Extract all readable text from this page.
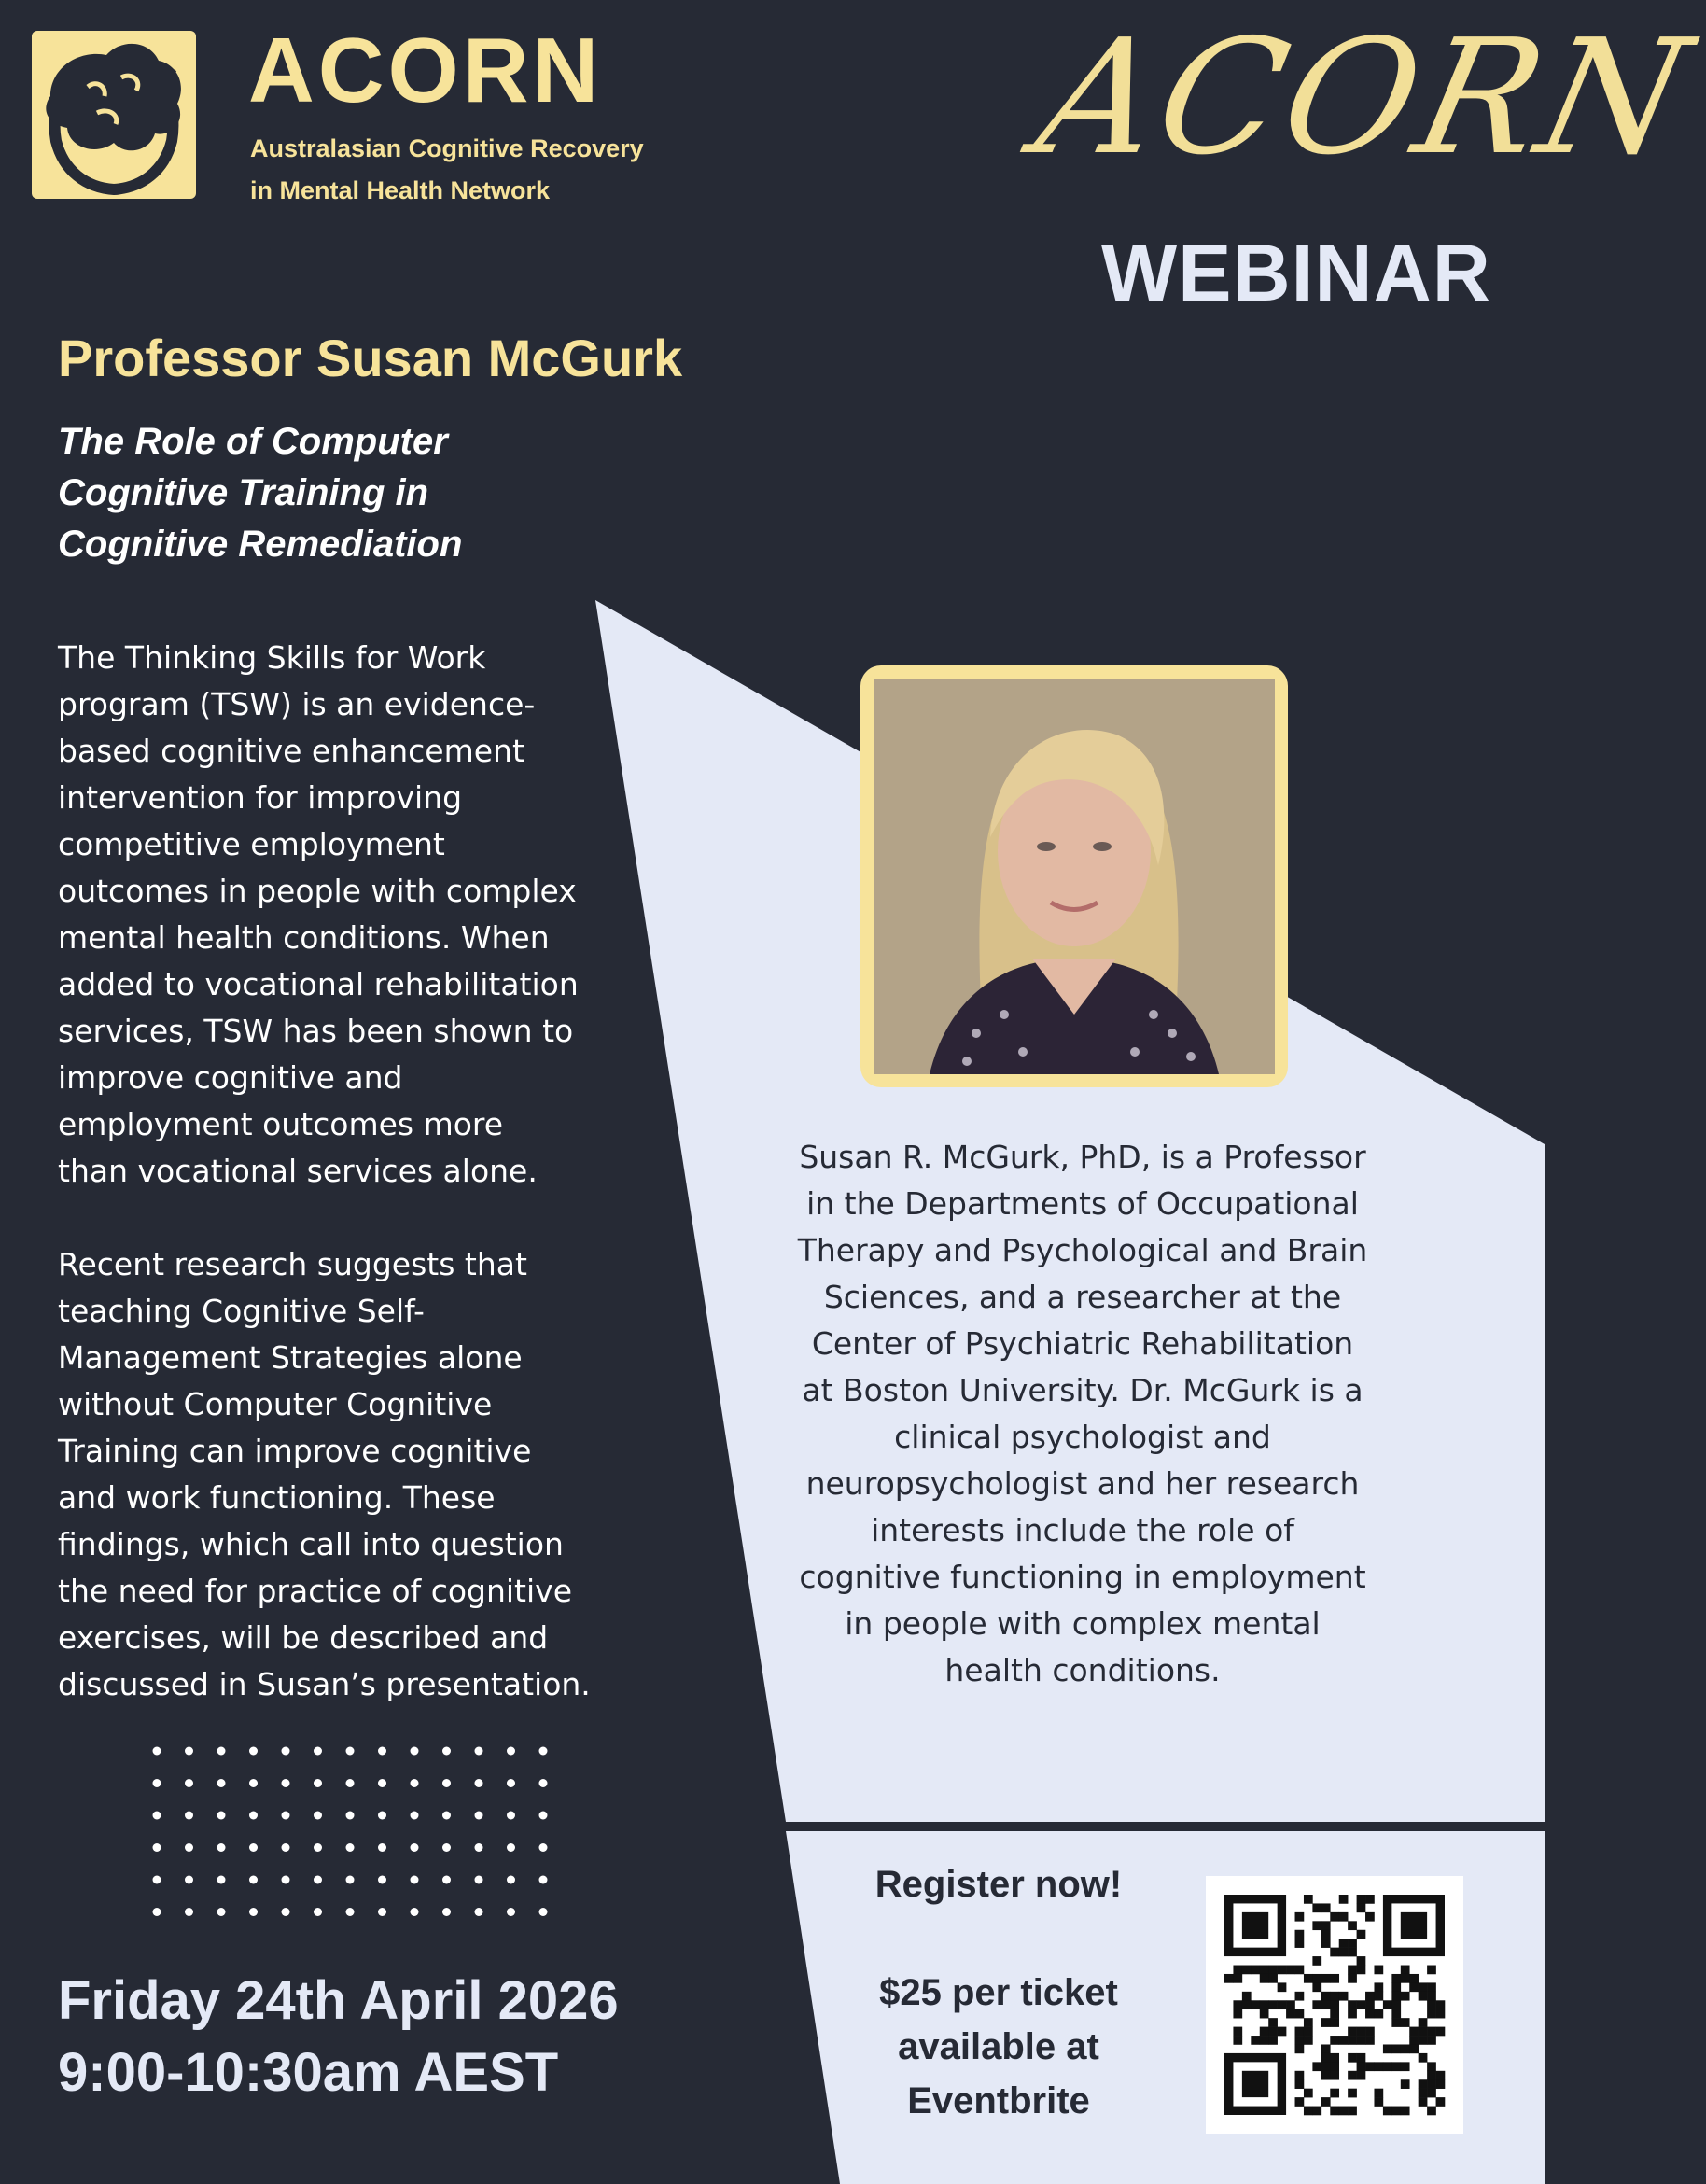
ACORN
Australasian Cognitive Recovery
in Mental Health Network	ACORN
WEBINAR
Professor Susan McGurk
The Role of Computer
Cognitive Training in
Cognitive Remediation
The Thinking Skills for Work
program (TSW) is an evidence-
based cognitive enhancement
intervention for improving
competitive employment
outcomes in people with complex
mental health conditions. When
added to vocational rehabilitation
services, TSW has been shown to
improve cognitive and
employment outcomes more
than vocational services alone.
Recent research suggests that
teaching Cognitive Self-
Management Strategies alone
without Computer Cognitive
Training can improve cognitive
and work functioning. These
findings, which call into question
the need for practice of cognitive
exercises, will be described and
discussed in Susan’s presentation.
Susan R. McGurk, PhD, is a Professor
in the Departments of Occupational
Therapy and Psychological and Brain
Sciences, and a researcher at the
Center of Psychiatric Rehabilitation
at Boston University. Dr. McGurk is a
clinical psychologist and
neuropsychologist and her research
interests include the role of
cognitive functioning in employment
in people with complex mental
health conditions.
Friday 24th April 2026
9:00-10:30am AEST
Register now!
$25 per ticket
available at
Eventbrite
